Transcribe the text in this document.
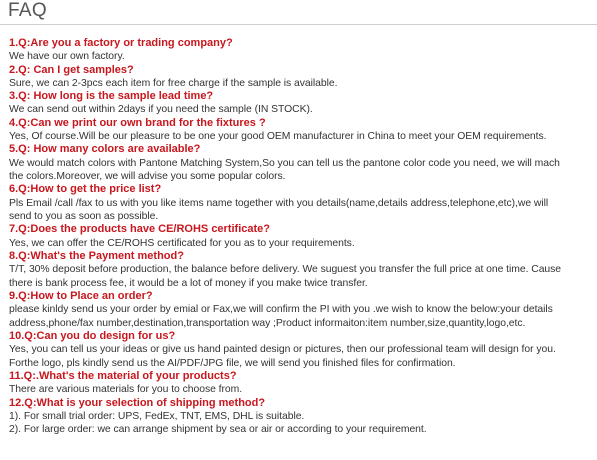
FAQ
1.Q:Are you a factory or trading company?
We have our own factory.
2.Q: Can I get samples?
Sure, we can 2-3pcs each item for free charge if the sample is available.
3.Q: How long is the sample lead time?
We can send out within 2days if you need the sample (IN STOCK).
4.Q:Can we print our own brand for the fixtures ?
Yes, Of course.Will be our pleasure to be one your good OEM manufacturer in China to meet your OEM requirements.
5.Q: How many colors are available?
We would match colors with Pantone Matching System,So you can tell us the pantone color code you need, we will mach
the colors.Moreover, we will advise you some popular colors.
6.Q:How to get the price list?
Pls Email /call /fax to us with you like items name together with you details(name,details address,telephone,etc),we will
send to you as soon as possible.
7.Q:Does the products have CE/ROHS certificate?
Yes, we can offer the CE/ROHS certificated for you as to your requirements.
8.Q:What's the Payment method?
T/T, 30% deposit before production, the balance before delivery. We suguest you transfer the full price at one time. Cause
there is bank process fee, it would be a lot of money if you make twice transfer.
9.Q:How to Place an order?
please kinldy send us your order by emial or Fax,we will confirm the PI with you .we wish to know the below:your details
address,phone/fax number,destination,transportation way ;Product informaiton:item number,size,quantity,logo,etc.
10.Q:Can you do design for us?
Yes, you can tell us your ideas or give us hand painted design or pictures, then our professional team will design for you.
Forthe logo, pls kindly send us the AI/PDF/JPG file, we will send you finished files for confirmation.
11.Q:.What's the material of your products?
There are various materials for you to choose from.
12.Q:What is your selection of shipping method?
1). For small trial order: UPS, FedEx, TNT, EMS, DHL is suitable.
2). For large order: we can arrange shipment by sea or air or according to your requirement.
